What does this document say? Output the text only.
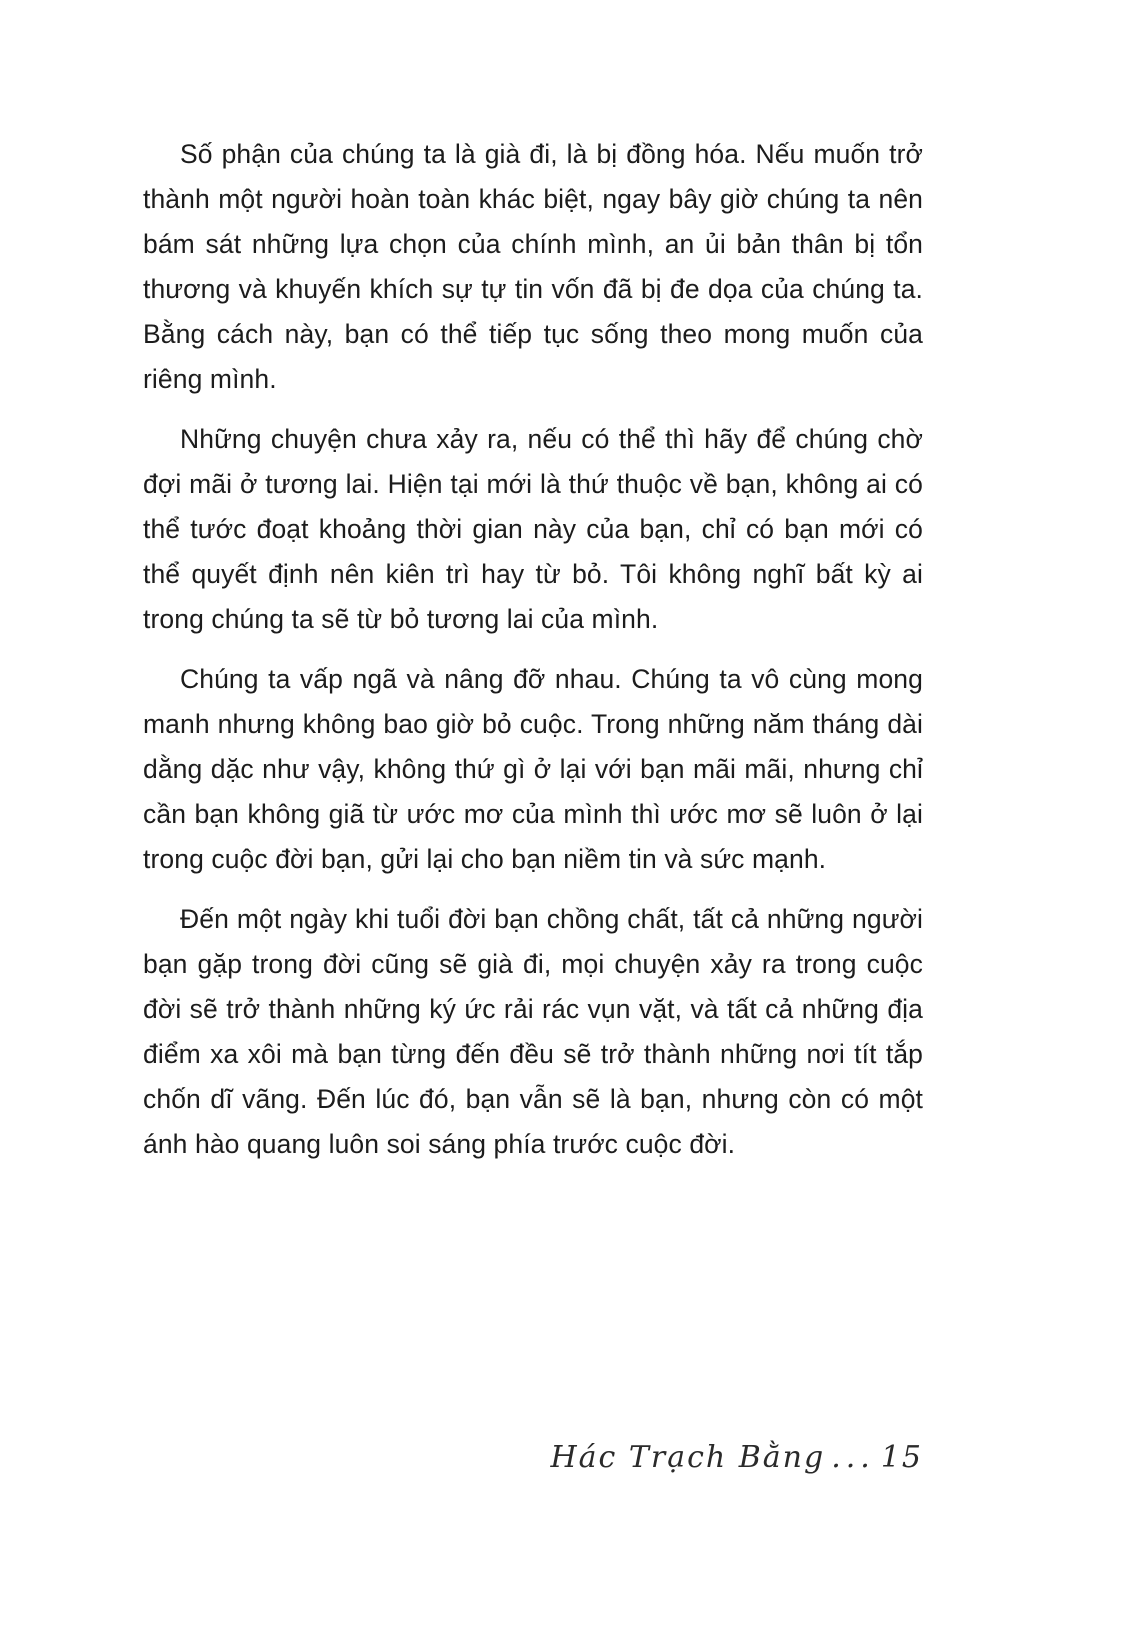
Số phận của chúng ta là già đi, là bị đồng hóa. Nếu muốn trở thành một người hoàn toàn khác biệt, ngay bây giờ chúng ta nên bám sát những lựa chọn của chính mình, an ủi bản thân bị tổn thương và khuyến khích sự tự tin vốn đã bị đe dọa của chúng ta. Bằng cách này, bạn có thể tiếp tục sống theo mong muốn của riêng mình.

Những chuyện chưa xảy ra, nếu có thể thì hãy để chúng chờ đợi mãi ở tương lai. Hiện tại mới là thứ thuộc về bạn, không ai có thể tước đoạt khoảng thời gian này của bạn, chỉ có bạn mới có thể quyết định nên kiên trì hay từ bỏ. Tôi không nghĩ bất kỳ ai trong chúng ta sẽ từ bỏ tương lai của mình.

Chúng ta vấp ngã và nâng đỡ nhau. Chúng ta vô cùng mong manh nhưng không bao giờ bỏ cuộc. Trong những năm tháng dài dằng dặc như vậy, không thứ gì ở lại với bạn mãi mãi, nhưng chỉ cần bạn không giã từ ước mơ của mình thì ước mơ sẽ luôn ở lại trong cuộc đời bạn, gửi lại cho bạn niềm tin và sức mạnh.

Đến một ngày khi tuổi đời bạn chồng chất, tất cả những người bạn gặp trong đời cũng sẽ già đi, mọi chuyện xảy ra trong cuộc đời sẽ trở thành những ký ức rải rác vụn vặt, và tất cả những địa điểm xa xôi mà bạn từng đến đều sẽ trở thành những nơi tít tắp chốn dĩ vãng. Đến lúc đó, bạn vẫn sẽ là bạn, nhưng còn có một ánh hào quang luôn soi sáng phía trước cuộc đời.

Hác Trạch Bằng ... 15
